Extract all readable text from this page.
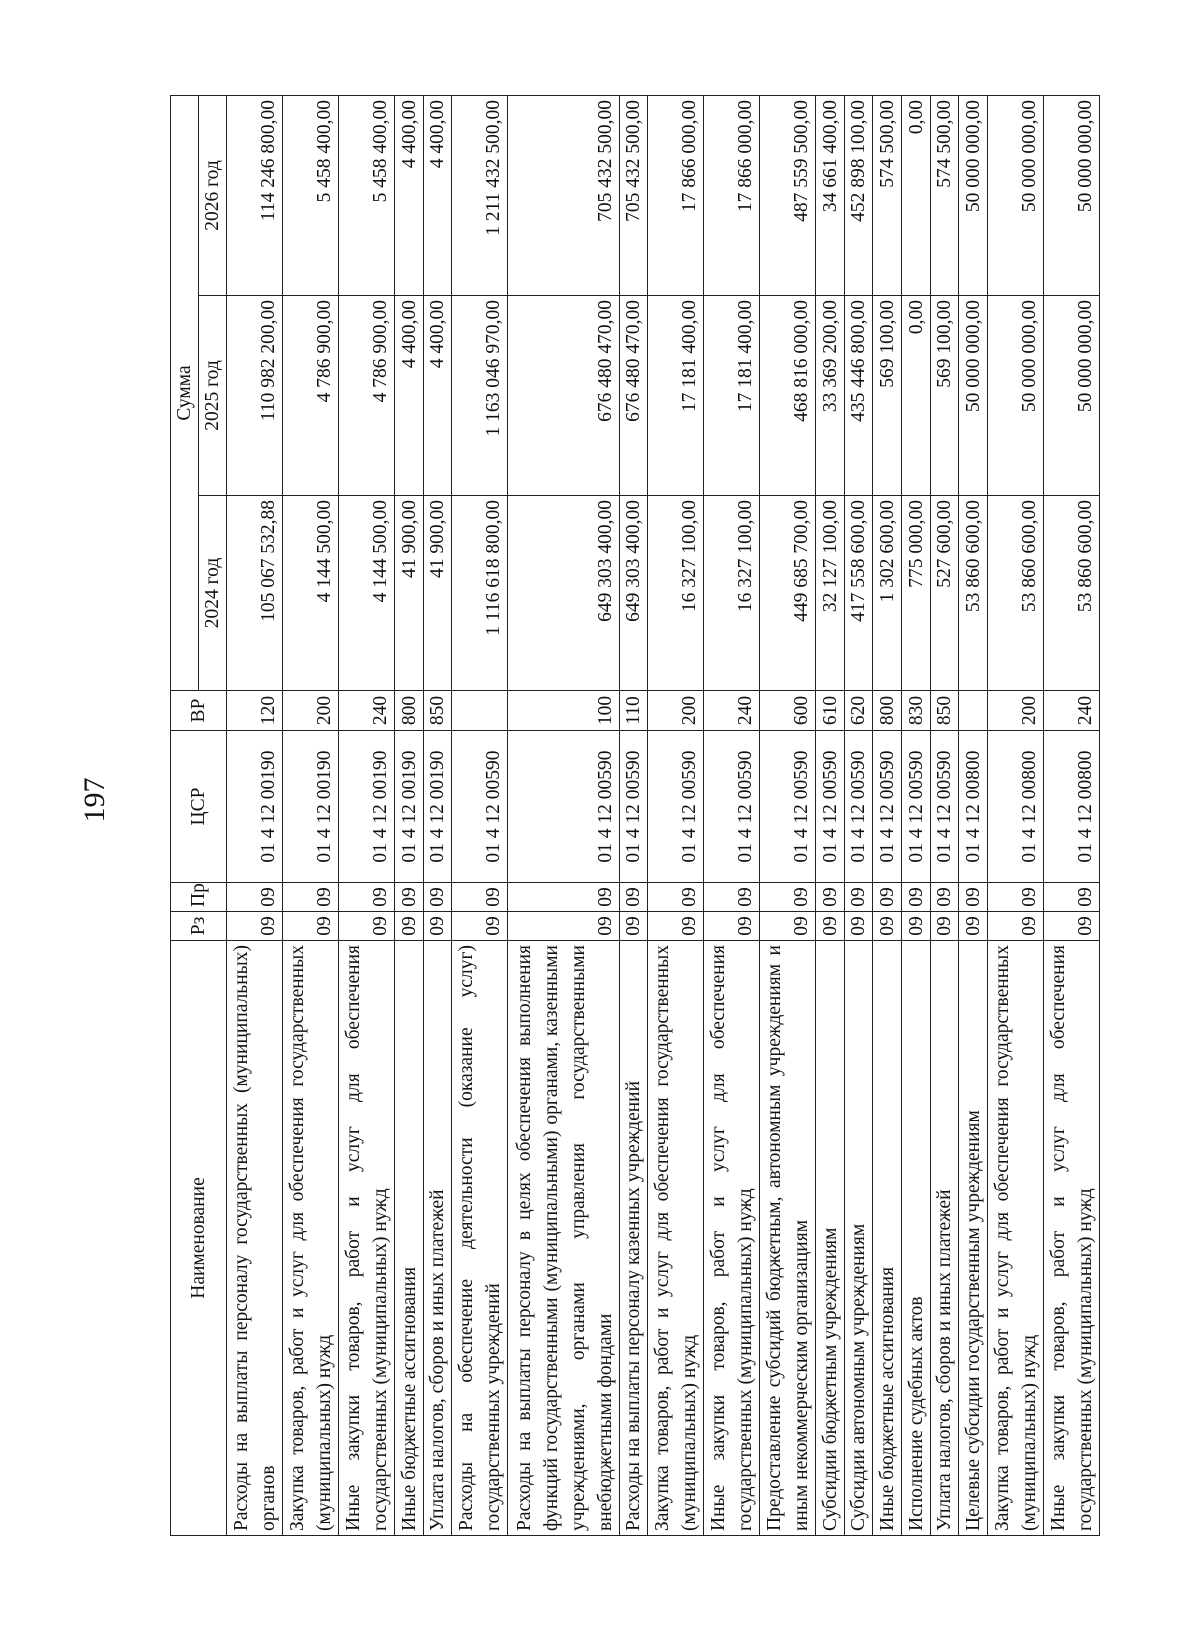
197
Наименование	Рз	Пр	ЦСР	ВР	Сумма		
					2024 год	2025 год	2026 год
Расходы на выплаты персоналу государственных (муниципальных) органов	09	09	01 4 12 00190	120	105 067 532,88	110 982 200,00	114 246 800,00
Закупка товаров, работ и услуг для обеспечения государственных (муниципальных) нужд	09	09	01 4 12 00190	200	4 144 500,00	4 786 900,00	5 458 400,00
Иные закупки товаров, работ и услуг для обеспечения государственных (муниципальных) нужд	09	09	01 4 12 00190	240	4 144 500,00	4 786 900,00	5 458 400,00
Иные бюджетные ассигнования	09	09	01 4 12 00190	800	41 900,00	4 400,00	4 400,00
Уплата налогов, сборов и иных платежей	09	09	01 4 12 00190	850	41 900,00	4 400,00	4 400,00
Расходы на обеспечение деятельности (оказание услуг) государственных учреждений	09	09	01 4 12 00590		1 116 618 800,00	1 163 046 970,00	1 211 432 500,00
Расходы на выплаты персоналу в целях обеспечения выполнения функций государственными (муниципальными) органами, казенными учреждениями, органами управления государственными внебюджетными фондами	09	09	01 4 12 00590	100	649 303 400,00	676 480 470,00	705 432 500,00
Расходы на выплаты персоналу казенных учреждений	09	09	01 4 12 00590	110	649 303 400,00	676 480 470,00	705 432 500,00
Закупка товаров, работ и услуг для обеспечения государственных (муниципальных) нужд	09	09	01 4 12 00590	200	16 327 100,00	17 181 400,00	17 866 000,00
Иные закупки товаров, работ и услуг для обеспечения государственных (муниципальных) нужд	09	09	01 4 12 00590	240	16 327 100,00	17 181 400,00	17 866 000,00
Предоставление субсидий бюджетным, автономным учреждениям и иным некоммерческим организациям	09	09	01 4 12 00590	600	449 685 700,00	468 816 000,00	487 559 500,00
Субсидии бюджетным учреждениям	09	09	01 4 12 00590	610	32 127 100,00	33 369 200,00	34 661 400,00
Субсидии автономным учреждениям	09	09	01 4 12 00590	620	417 558 600,00	435 446 800,00	452 898 100,00
Иные бюджетные ассигнования	09	09	01 4 12 00590	800	1 302 600,00	569 100,00	574 500,00
Исполнение судебных актов	09	09	01 4 12 00590	830	775 000,00	0,00	0,00
Уплата налогов, сборов и иных платежей	09	09	01 4 12 00590	850	527 600,00	569 100,00	574 500,00
Целевые субсидии государственным учреждениям	09	09	01 4 12 00800		53 860 600,00	50 000 000,00	50 000 000,00
Закупка товаров, работ и услуг для обеспечения государственных (муниципальных) нужд	09	09	01 4 12 00800	200	53 860 600,00	50 000 000,00	50 000 000,00
Иные закупки товаров, работ и услуг для обеспечения государственных (муниципальных) нужд	09	09	01 4 12 00800	240	53 860 600,00	50 000 000,00	50 000 000,00
